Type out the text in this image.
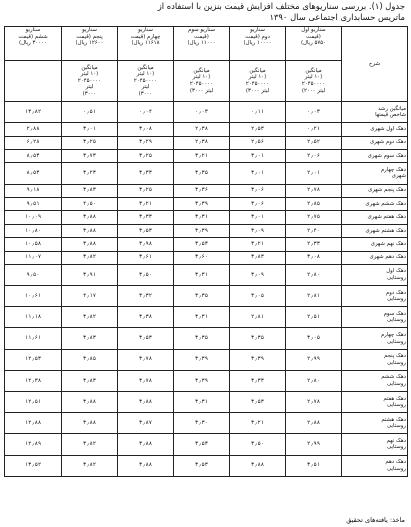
جدول (۱). بررسی سناریوهای مختلف افزایش قیمت بنزین با استفاده از
ماتریس حسابداری اجتماعی سال ۱۳۹۰
شرح	سناریو اول
(قیمت
۵۷۵۰ ریال)	سناریو
دوم (قیمت
۱۰۰۰۰ ریال)	سناریو سوم
(قیمت
۱۱۰۰۰ ریال)	سناریو
چهارم (قیمت
۱۱۶۱۸ ریال)	سناریو
پنجم (قیمت
۱۲۶۰۰ ریال)	سناریو
ششم (قیمت
۳۰۰۰۰ ریال)

	میانگین
(۱۰ لیتر
۲۰۴۵۰۰۰۰
لیتر ۲۰۰۰)	میانگین
(۱۰ لیتر
۲۰۴۵۰۰۰۰
لیتر ۳۰۰۰)	میانگین
(۱۰ لیتر
۲۰۴۵۰۰۰۰
لیتر ۳۰۰۰)	میانگین
(۱۰ لیتر
۲۰۴۵۰۰۰۰
لیتر
۳۰۰۰)	میانگین
(۱۰ لیتر
۲۰۴۵۰۰۰۰
لیتر
۳۰۰۰)	

میانگین رشد
شاخص قیمتها	۰٫۰۳	۰٫۱۱	۰٫۰۳	۰٫۰۴	۰٫۵۱	۱۳٫۸۲

دهک اول شهری	۰٫۲۱	۲٫۵۳	۲٫۳۸	۳٫۰۸	۳٫۰۱	۲٫۸۸

دهک دوم شهری	۲٫۵۲	۲٫۵۶	۲٫۳۸	۳٫۲۹	۳٫۲۵	۶٫۲۸

دهک سوم شهری	۲٫۰۶	۳٫۰۱	۳٫۲۱	۳٫۲۵	۳٫۷۳	۸٫۵۳

دهک چهارم
شهری	۲٫۰۱	۳٫۰۱	۳٫۳۵	۳٫۳۳	۳٫۲۳	۸٫۵۳

دهک پنجم شهری	۲٫۷۸	۳٫۰۶	۳٫۳۶	۳٫۲۵	۳٫۸۳	۹٫۱۸

دهک ششم شهری	۲٫۸۵	۳٫۰۶	۳٫۳۹	۳٫۲۱	۴٫۵۰	۹٫۵۱

دهک هفتم شهری	۲٫۷۵	۳٫۰۱	۳٫۳۱	۳٫۳۳	۳٫۸۸	۱۰٫۰۹

دهک هشتم شهری	۲٫۴۰	۳٫۰۹	۳٫۳۹	۳٫۵۳	۳٫۸۸	۱۰٫۸۰

دهک نهم شهری	۲٫۳۳	۳٫۲۱	۳٫۵۳	۳٫۹۸	۳٫۸۸	۱۰٫۵۸

دهک دهم شهری	۳٫۰۸	۳٫۸۳	۳٫۶۰	۳٫۶۱	۳٫۸۲	۱۱٫۰۷

دهک اول
روستایی	۲٫۸۰	۳٫۰۹	۳٫۳۱	۳٫۵۰	۳٫۹۱	۹٫۵۰

دهک دوم
روستایی	۲٫۸۱	۳٫۰۵	۳٫۳۵	۳٫۳۲	۴٫۱۷	۱۰٫۶۱

دهک سوم
روستایی	۲٫۵۱	۲٫۸۱	۳٫۳۱	۳٫۳۸	۳٫۸۲	۱۱٫۱۸

دهک چهارم
روستایی	۳٫۰۵	۳٫۳۵	۳٫۳۵	۳٫۵۳	۳٫۸۳	۱۱٫۶۱

دهک پنجم
روستایی	۲٫۹۹	۳٫۳۹	۳٫۳۹	۳٫۷۸	۳٫۸۵	۱۲٫۵۳

دهک ششم
روستایی	۲٫۸۰	۳٫۳۳	۳٫۳۹	۳٫۷۸	۳٫۸۳	۱۲٫۳۸

دهک هفتم
روستایی	۲٫۷۸	۳٫۵۳	۳٫۳۱	۳٫۸۸	۳٫۸۸	۱۲٫۵۱

دهک هشتم
روستایی	۲٫۸۸	۳٫۲۱	۳٫۳۰	۳٫۸۷	۳٫۸۸	۱۲٫۸۸

دهک نهم
روستایی	۲٫۹۹	۳٫۵۰	۳٫۵۳	۳٫۸۸	۳٫۸۲	۱۲٫۸۹

دهک دهم
روستایی	۳٫۵۱	۳٫۸۸	۳٫۵۳	۳٫۸۸	۳٫۸۲	۱۳٫۵۲
ماخذ: یافته‌های تحقیق
